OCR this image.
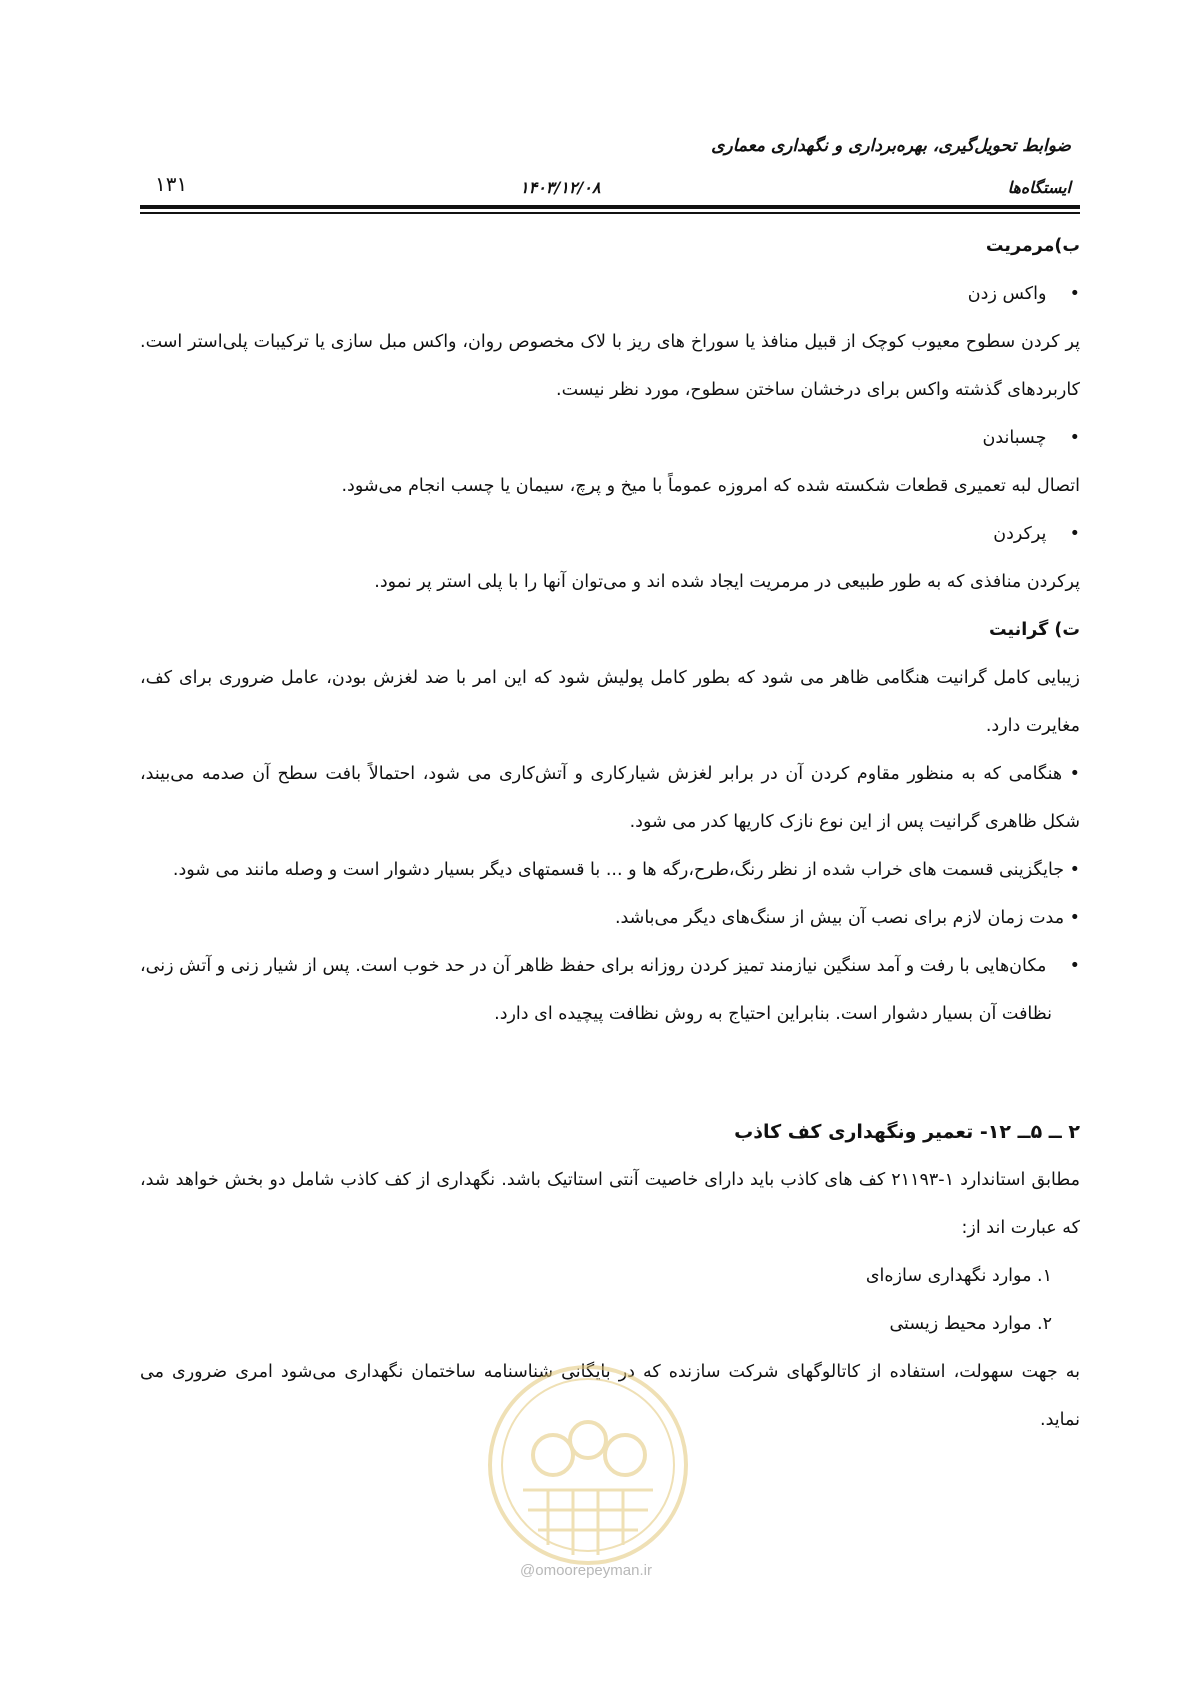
ضوابط تحویل‌گیری، بهره‌برداری و نگهداری معماری
ایستگاه‌ها
۱۴۰۳/۱۲/۰۸
۱۳۱

ب)مرمریت

• واکس زدن

پر کردن سطوح معیوب کوچک از قبیل منافذ یا سوراخ های ریز با لاک مخصوص روان، واکس مبل سازی یا ترکیبات پلی‌استر است. کاربردهای گذشته واکس برای درخشان ساختن سطوح، مورد نظر نیست.

• چسباندن

اتصال لبه تعمیری قطعات شکسته شده که امروزه عموماً با میخ و پرچ، سیمان یا چسب انجام می‌شود.

• پرکردن

پرکردن منافذی که به طور طبیعی در مرمریت ایجاد شده اند و می‌توان آنها را با پلی استر پر نمود.

ت) گرانیت

زیبایی کامل گرانیت هنگامی ظاهر می شود که بطور کامل پولیش شود که این امر با ضد لغزش بودن، عامل ضروری برای کف، مغایرت دارد.

• هنگامی که به منظور مقاوم کردن آن در برابر لغزش شیارکاری و آتش‌کاری می شود، احتمالاً بافت سطح آن صدمه می‌بیند، شکل ظاهری گرانیت پس از این نوع نازک کاریها کدر می شود.

• جایگزینی قسمت های خراب شده از نظر رنگ،طرح،رگه ها و ... با قسمتهای دیگر بسیار دشوار است و وصله مانند می شود.

• مدت زمان لازم برای نصب آن بیش از سنگ‌های دیگر می‌باشد.

• مکان‌هایی با رفت و آمد سنگین نیازمند تمیز کردن روزانه برای حفظ ظاهر آن در حد خوب است. پس از شیار زنی و آتش زنی، نظافت آن بسیار دشوار است. بنابراین احتیاج به روش نظافت پیچیده ای دارد.

۲ ــ ۵ــ ۱۲- تعمیر ونگهداری کف کاذب

مطابق استاندارد ۱-۲۱۱۹۳ کف های کاذب باید دارای خاصیت آنتی استاتیک باشد. نگهداری از کف کاذب شامل دو بخش خواهد شد، که عبارت اند از:

۱. موارد نگهداری سازه‌ای

۲. موارد محیط زیستی

به جهت سهولت، استفاده از کاتالوگهای شرکت سازنده که در بایگانی شناسنامه ساختمان نگهداری می‌شود امری ضروری می نماید.

@omoorepeyman.ir
